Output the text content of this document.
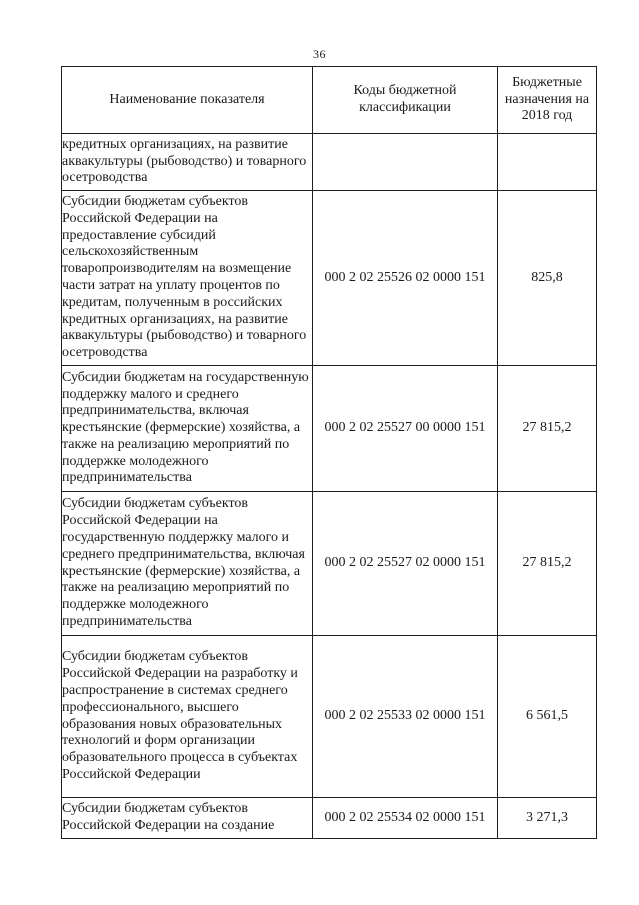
36
Наименование показателя	Коды бюджетной классификации	Бюджетные назначения на 2018 год
кредитных организациях, на развитие аквакультуры (рыбоводство) и товарного осетроводства		
Субсидии бюджетам субъектов Российской Федерации на предоставление субсидий сельскохозяйственным товаропроизводителям на возмещение части затрат на уплату процентов по кредитам, полученным в российских кредитных организациях, на развитие аквакультуры (рыбоводство) и товарного осетроводства	000 2 02 25526 02 0000 151	825,8
Субсидии бюджетам на государственную поддержку малого и среднего предпринимательства, включая крестьянские (фермерские) хозяйства, а также на реализацию мероприятий по поддержке молодежного предпринимательства	000 2 02 25527 00 0000 151	27 815,2
Субсидии бюджетам субъектов Российской Федерации на государственную поддержку малого и среднего предпринимательства, включая крестьянские (фермерские) хозяйства, а также на реализацию мероприятий по поддержке молодежного предпринимательства	000 2 02 25527 02 0000 151	27 815,2
Субсидии бюджетам субъектов Российской Федерации на разработку и распространение в системах среднего профессионального, высшего образования новых образовательных технологий и форм организации образовательного процесса в субъектах Российской Федерации	000 2 02 25533 02 0000 151	6 561,5
Субсидии бюджетам субъектов Российской Федерации на создание	000 2 02 25534 02 0000 151	3 271,3
